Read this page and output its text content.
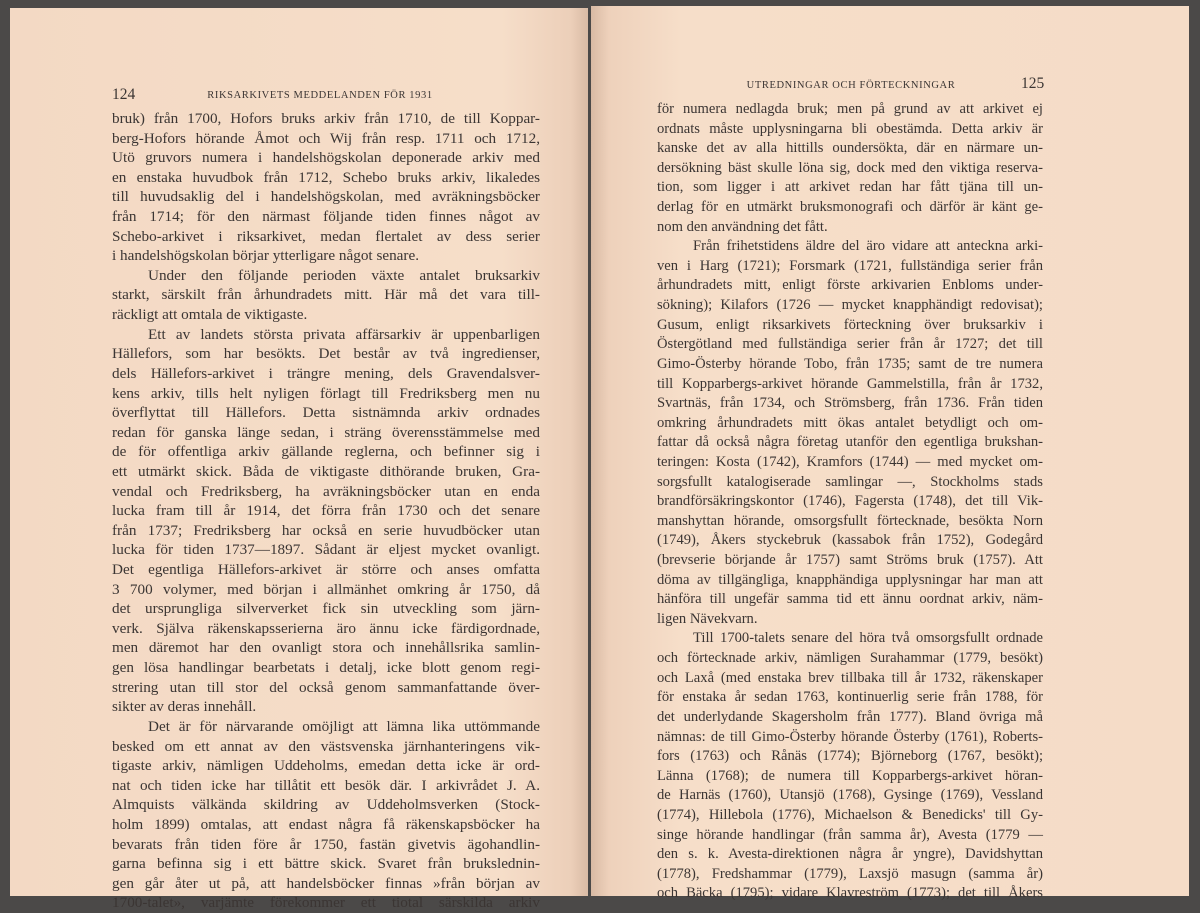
124	RIKSARKIVETS MEDDELANDEN FÖR 1931
bruk) från 1700, Hofors bruks arkiv från 1710, de till Koppar-
berg-Hofors hörande Åmot och Wij från resp. 1711 och 1712,
Utö gruvors numera i handelshögskolan deponerade arkiv med
en enstaka huvudbok från 1712, Schebo bruks arkiv, likaledes
till huvudsaklig del i handelshögskolan, med avräkningsböcker
från 1714; för den närmast följande tiden finnes något av
Schebo-arkivet i riksarkivet, medan flertalet av dess serier
i handelshögskolan börjar ytterligare något senare.
Under den följande perioden växte antalet bruksarkiv
starkt, särskilt från århundradets mitt. Här må det vara till-
räckligt att omtala de viktigaste.
Ett av landets största privata affärsarkiv är uppenbarligen
Hällefors, som har besökts. Det består av två ingredienser,
dels Hällefors-arkivet i trängre mening, dels Gravendalsver-
kens arkiv, tills helt nyligen förlagt till Fredriksberg men nu
överflyttat till Hällefors. Detta sistnämnda arkiv ordnades
redan för ganska länge sedan, i sträng överensstämmelse med
de för offentliga arkiv gällande reglerna, och befinner sig i
ett utmärkt skick. Båda de viktigaste dithörande bruken, Gra-
vendal och Fredriksberg, ha avräkningsböcker utan en enda
lucka fram till år 1914, det förra från 1730 och det senare
från 1737; Fredriksberg har också en serie huvudböcker utan
lucka för tiden 1737—1897. Sådant är eljest mycket ovanligt.
Det egentliga Hällefors-arkivet är större och anses omfatta
3 700 volymer, med början i allmänhet omkring år 1750, då
det ursprungliga silververket fick sin utveckling som järn-
verk. Själva räkenskapsserierna äro ännu icke färdigordnade,
men däremot har den ovanligt stora och innehållsrika samlin-
gen lösa handlingar bearbetats i detalj, icke blott genom regi-
strering utan till stor del också genom sammanfattande över-
sikter av deras innehåll.
Det är för närvarande omöjligt att lämna lika uttömmande
besked om ett annat av den västsvenska järnhanteringens vik-
tigaste arkiv, nämligen Uddeholms, emedan detta icke är ord-
nat och tiden icke har tillåtit ett besök där. I arkivrådet J. A.
Almquists välkända skildring av Uddeholmsverken (Stock-
holm 1899) omtalas, att endast några få räkenskapsböcker ha
bevarats från tiden före år 1750, fastän givetvis ägohandlin-
garna befinna sig i ett bättre skick. Svaret från brukslednin-
gen går åter ut på, att handelsböcker finnas »från början av
1700-talet», varjämte förekommer ett tiotal särskilda arkiv
125
UTREDNINGAR OCH FÖRTECKNINGAR
för numera nedlagda bruk; men på grund av att arkivet ej
ordnats måste upplysningarna bli obestämda. Detta arkiv är
kanske det av alla hittills oundersökta, där en närmare un-
dersökning bäst skulle löna sig, dock med den viktiga reserva-
tion, som ligger i att arkivet redan har fått tjäna till un-
derlag för en utmärkt bruksmonografi och därför är känt ge-
nom den användning det fått.
Från frihetstidens äldre del äro vidare att anteckna arki-
ven i Harg (1721); Forsmark (1721, fullständiga serier från
århundradets mitt, enligt förste arkivarien Enbloms under-
sökning); Kilafors (1726 — mycket knapphändigt redovisat);
Gusum, enligt riksarkivets förteckning över bruksarkiv i
Östergötland med fullständiga serier från år 1727; det till
Gimo-Österby hörande Tobo, från 1735; samt de tre numera
till Kopparbergs-arkivet hörande Gammelstilla, från år 1732,
Svartnäs, från 1734, och Strömsberg, från 1736. Från tiden
omkring århundradets mitt ökas antalet betydligt och om-
fattar då också några företag utanför den egentliga brukshan-
teringen: Kosta (1742), Kramfors (1744) — med mycket om-
sorgsfullt katalogiserade samlingar —, Stockholms stads
brandförsäkringskontor (1746), Fagersta (1748), det till Vik-
manshyttan hörande, omsorgsfullt förtecknade, besökta Norn
(1749), Åkers styckebruk (kassabok från 1752), Godegård
(brevserie börjande år 1757) samt Ströms bruk (1757). Att
döma av tillgängliga, knapphändiga upplysningar har man att
hänföra till ungefär samma tid ett ännu oordnat arkiv, näm-
ligen Nävekvarn.
Till 1700-talets senare del höra två omsorgsfullt ordnade
och förtecknade arkiv, nämligen Surahammar (1779, besökt)
och Laxå (med enstaka brev tillbaka till år 1732, räkenskaper
för enstaka år sedan 1763, kontinuerlig serie från 1788, för
det underlydande Skagersholm från 1777). Bland övriga må
nämnas: de till Gimo-Österby hörande Österby (1761), Roberts-
fors (1763) och Rånäs (1774); Björneborg (1767, besökt);
Länna (1768); de numera till Kopparbergs-arkivet höran-
de Harnäs (1760), Utansjö (1768), Gysinge (1769), Vessland
(1774), Hillebola (1776), Michaelson & Benedicks' till Gy-
singe hörande handlingar (från samma år), Avesta (1779 —
den s. k. Avesta-direktionen några år yngre), Davidshyttan
(1778), Fredshammar (1779), Laxsjö masugn (samma år)
och Bäcka (1795); vidare Klavreström (1773); det till Åkers
